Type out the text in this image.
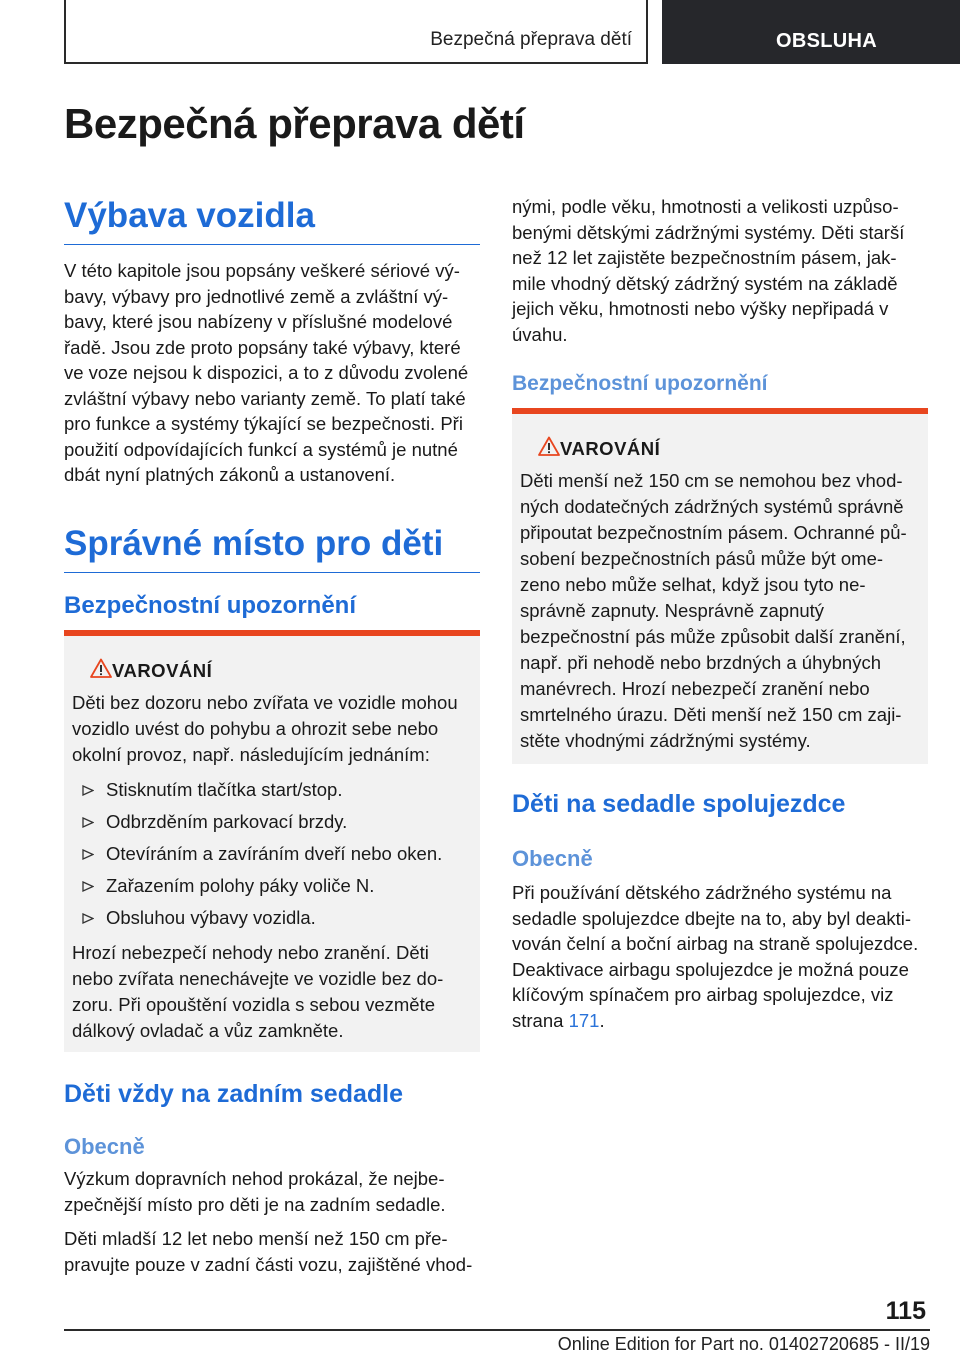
Bezpečná přeprava dětí	OBSLUHA
Bezpečná přeprava dětí
Výbava vozidla

V této kapitole jsou popsány veškeré sériové vý‐bavy, výbavy pro jednotlivé země a zvláštní vý‐bavy, které jsou nabízeny v příslušné modelové řadě. Jsou zde proto popsány také výbavy, které ve voze nejsou k dispozici, a to z důvodu zvolené zvláštní výbavy nebo varianty země. To platí také pro funkce a systémy týkající se bezpečnosti. Při použití odpovídajících funkcí a systémů je nutné dbát nyní platných zákonů a ustanovení.

Správné místo pro děti
Bezpečnostní upozornění
VAROVÁNÍ
Děti bez dozoru nebo zvířata ve vozidle mohou vozidlo uvést do pohybu a ohrozit sebe nebo okolní provoz, např. následujícím jednáním:
Stisknutím tlačítka start/stop.
Odbrzděním parkovací brzdy.
Otevíráním a zavíráním dveří nebo oken.
Zařazením polohy páky voliče N.
Obsluhou výbavy vozidla.
Hrozí nebezpečí nehody nebo zranění. Děti nebo zvířata nenechávejte ve vozidle bez do‐zoru. Při opouštění vozidla s sebou vezměte dálkový ovladač a vůz zamkněte.
Děti vždy na zadním sedadle
Obecně

Výzkum dopravních nehod prokázal, že nejbe‐zpečnější místo pro děti je na zadním sedadle.

Děti mladší 12 let nebo menší než 150 cm pře‐pravujte pouze v zadní části vozu, zajištěné vhod‐

nými, podle věku, hmotnosti a velikosti uzpůso‐benými dětskými zádržnými systémy. Děti starší než 12 let zajistěte bezpečnostním pásem, jak‐mile vhodný dětský zádržný systém na základě jejich věku, hmotnosti nebo výšky nepřipadá v úvahu.

Bezpečnostní upozornění
VAROVÁNÍ
Děti menší než 150 cm se nemohou bez vhod‐ných dodatečných zádržných systémů správně připoutat bezpečnostním pásem. Ochranné pů‐sobení bezpečnostních pásů může být ome‐zeno nebo může selhat, když jsou tyto ne‐správně zapnuty. Nesprávně zapnutý bezpečnostní pás může způsobit další zranění, např. při nehodě nebo brzdných a úhybných manévrech. Hrozí nebezpečí zranění nebo smrtelného úrazu. Děti menší než 150 cm zaji‐stěte vhodnými zádržnými systémy.
Děti na sedadle spolujezdce
Obecně

Při používání dětského zádržného systému na sedadle spolujezdce dbejte na to, aby byl deakti‐vován čelní a boční airbag na straně spolujezdce. Deaktivace airbagu spolujezdce je možná pouze klíčovým spínačem pro airbag spolujezdce, viz strana 171.

115
Online Edition for Part no. 01402720685 - II/19
